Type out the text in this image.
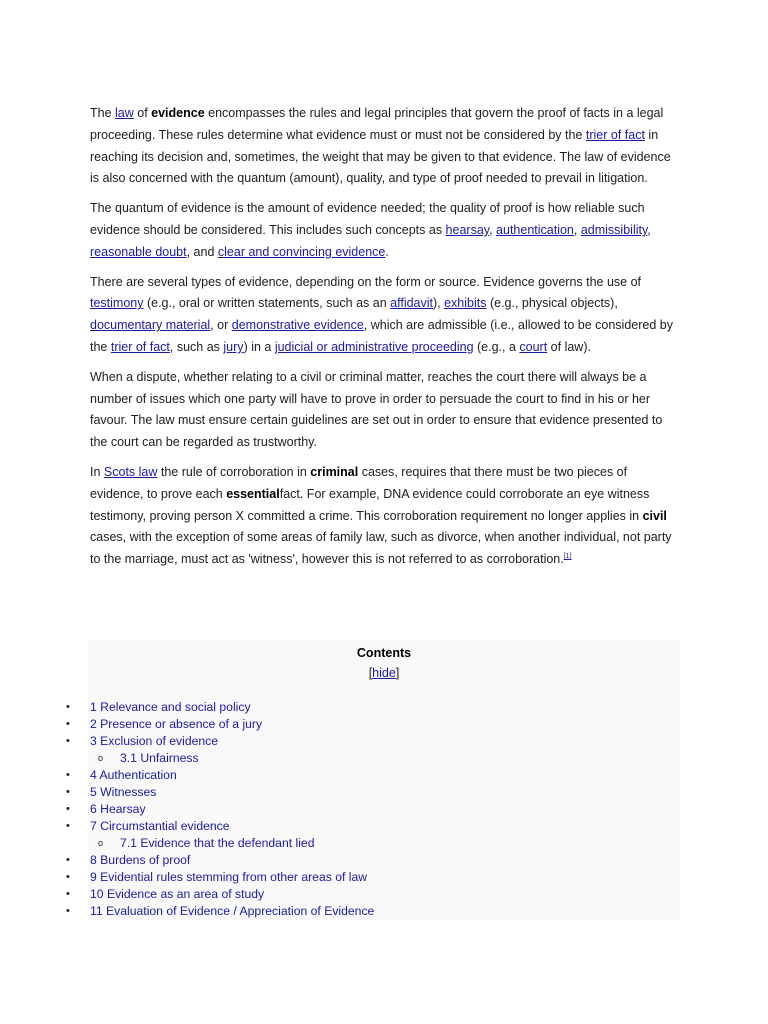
The law of evidence encompasses the rules and legal principles that govern the proof of facts in a legal proceeding. These rules determine what evidence must or must not be considered by the trier of fact in reaching its decision and, sometimes, the weight that may be given to that evidence. The law of evidence is also concerned with the quantum (amount), quality, and type of proof needed to prevail in litigation.

The quantum of evidence is the amount of evidence needed; the quality of proof is how reliable such evidence should be considered. This includes such concepts as hearsay, authentication, admissibility, reasonable doubt, and clear and convincing evidence.

There are several types of evidence, depending on the form or source. Evidence governs the use of testimony (e.g., oral or written statements, such as an affidavit), exhibits (e.g., physical objects), documentary material, or demonstrative evidence, which are admissible (i.e., allowed to be considered by the trier of fact, such as jury) in a judicial or administrative proceeding (e.g., a court of law).

When a dispute, whether relating to a civil or criminal matter, reaches the court there will always be a number of issues which one party will have to prove in order to persuade the court to find in his or her favour. The law must ensure certain guidelines are set out in order to ensure that evidence presented to the court can be regarded as trustworthy.

In Scots law the rule of corroboration in criminal cases, requires that there must be two pieces of evidence, to prove each essentialfact. For example, DNA evidence could corroborate an eye witness testimony, proving person X committed a crime. This corroboration requirement no longer applies in civil cases, with the exception of some areas of family law, such as divorce, when another individual, not party to the marriage, must act as 'witness', however this is not referred to as corroboration.[1]

Contents
[hide]
• 1 Relevance and social policy
• 2 Presence or absence of a jury
• 3 Exclusion of evidence
o 3.1 Unfairness
• 4 Authentication
• 5 Witnesses
• 6 Hearsay
• 7 Circumstantial evidence
o 7.1 Evidence that the defendant lied
• 8 Burdens of proof
• 9 Evidential rules stemming from other areas of law
• 10 Evidence as an area of study
• 11 Evaluation of Evidence / Appreciation of Evidence
